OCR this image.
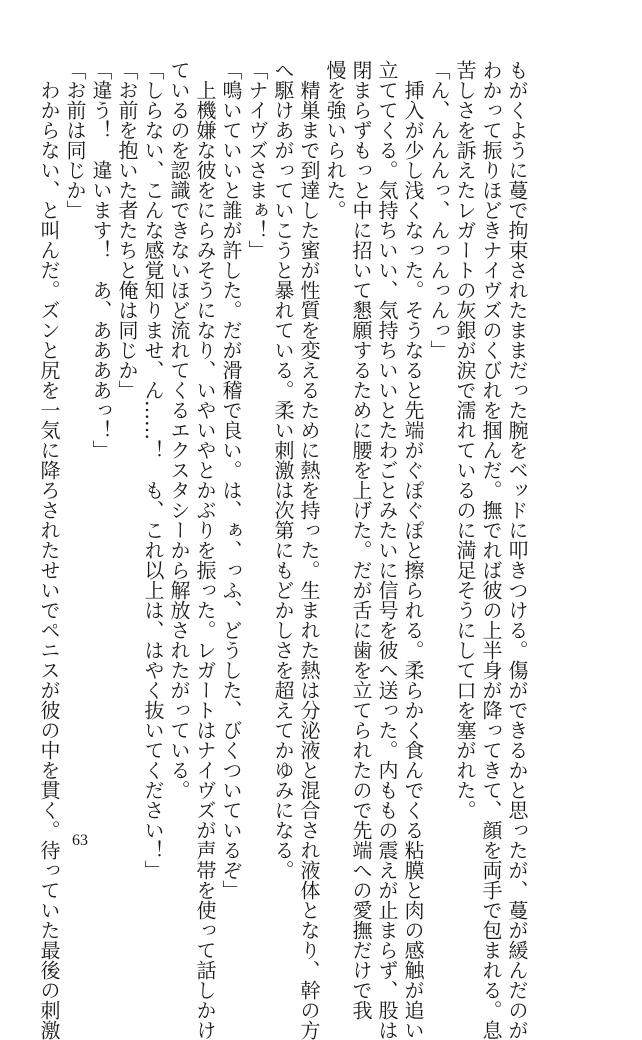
もがくように蔓で拘束されたままだった腕をベッドに叩きつける。傷ができるかと思ったが、蔓が緩んだのが
わかって振りほどきナイヴズのくびれを掴んだ。撫でれば彼の上半身が降ってきて、顔を両手で包まれる。息
苦しさを訴えたレガートの灰銀が涙で濡れているのに満足そうにして口を塞がれた。
「ん、んんんっ、んっんっんっ」
　挿入が少し浅くなった。そうなると先端がぐぽぐぽと擦られる。柔らかく食んでくる粘膜と肉の感触が追い
立ててくる。気持ちいい、気持ちいいとたわごとみたいに信号を彼へ送った。内ももの震えが止まらず、股は
閉まらずもっと中に招いて懇願するために腰を上げた。だが舌に歯を立てられたので先端への愛撫だけで我
慢を強いられた。
　精巣まで到達した蜜が性質を変えるために熱を持った。生まれた熱は分泌液と混合され液体となり、幹の方
へ駆けあがっていこうと暴れている。柔い刺激は次第にもどかしさを超えてかゆみになる。
「ナイヴズさまぁ！」
「鳴いていいと誰が許した。だが滑稽で良い。は、ぁ、っふ、どうした、びくついているぞ」
　上機嫌な彼をにらみそうになり、いやいやとかぶりを振った。レガートはナイヴズが声帯を使って話しかけ
ているのを認識できないほど流れてくるエクスタシーから解放されたがっている。
「しらない、こんな感覚知りませ、ん……！　も、これ以上は、はやく抜いてください！」
「お前を抱いた者たちと俺は同じか」
「違う！　違います！　あ、ああああっ！」
「お前は同じか」
　わからない、と叫んだ。ズンと尻を一気に降ろされたせいでペニスが彼の中を貫く。待っていた最後の刺激 63
